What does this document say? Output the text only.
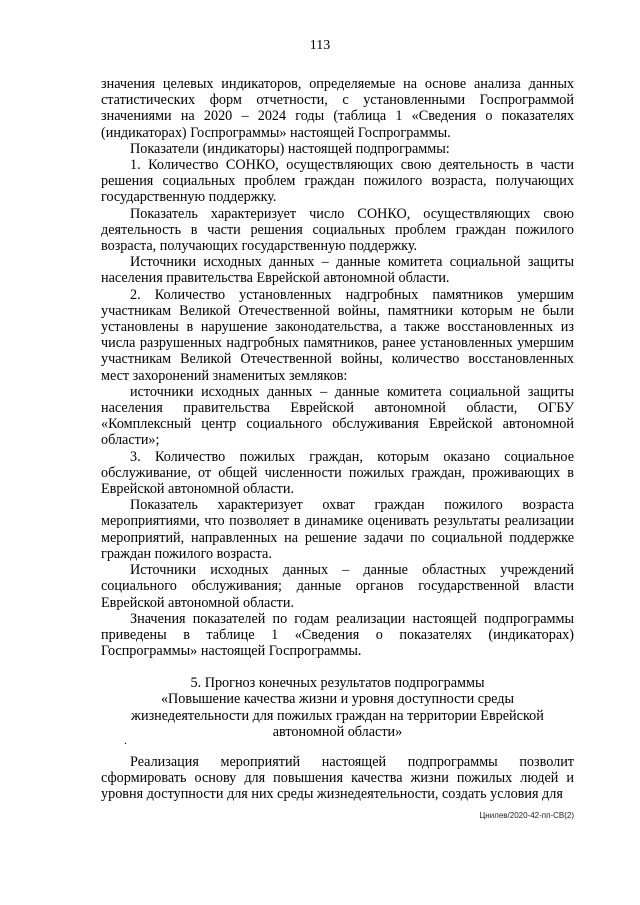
113

значения целевых индикаторов, определяемые на основе анализа данных статистических форм отчетности, с установленными Госпрограммой значениями на 2020 – 2024 годы (таблица 1 «Сведения о показателях (индикаторах) Госпрограммы» настоящей Госпрограммы.

Показатели (индикаторы) настоящей подпрограммы:

1. Количество СОНКО, осуществляющих свою деятельность в части решения социальных проблем граждан пожилого возраста, получающих государственную поддержку.

Показатель характеризует число СОНКО, осуществляющих свою деятельность в части решения социальных проблем граждан пожилого возраста, получающих государственную поддержку.

Источники исходных данных – данные комитета социальной защиты населения правительства Еврейской автономной области.

2. Количество установленных надгробных памятников умершим участникам Великой Отечественной войны, памятники которым не были установлены в нарушение законодательства, а также восстановленных из числа разрушенных надгробных памятников, ранее установленных умершим участникам Великой Отечественной войны, количество восстановленных мест захоронений знаменитых земляков:

источники исходных данных – данные комитета социальной защиты населения правительства Еврейской автономной области, ОГБУ «Комплексный центр социального обслуживания Еврейской автономной области»;

3. Количество пожилых граждан, которым оказано социальное обслуживание, от общей численности пожилых граждан, проживающих в Еврейской автономной области.

Показатель характеризует охват граждан пожилого возраста мероприятиями, что позволяет в динамике оценивать результаты реализации мероприятий, направленных на решение задачи по социальной поддержке граждан пожилого возраста.

Источники исходных данных – данные областных учреждений социального обслуживания; данные органов государственной власти Еврейской автономной области.

Значения показателей по годам реализации настоящей подпрограммы приведены в таблице 1 «Сведения о показателях (индикаторах) Госпрограммы» настоящей Госпрограммы.

5. Прогноз конечных результатов подпрограммы
«Повышение качества жизни и уровня доступности среды
жизнедеятельности для пожилых граждан на территории Еврейской
автономной области»
.

Реализация мероприятий настоящей подпрограммы позволит сформировать основу для повышения качества жизни пожилых людей и уровня доступности для них среды жизнедеятельности, создать условия для

Цнилев/2020-42-пп-СВ(2)
